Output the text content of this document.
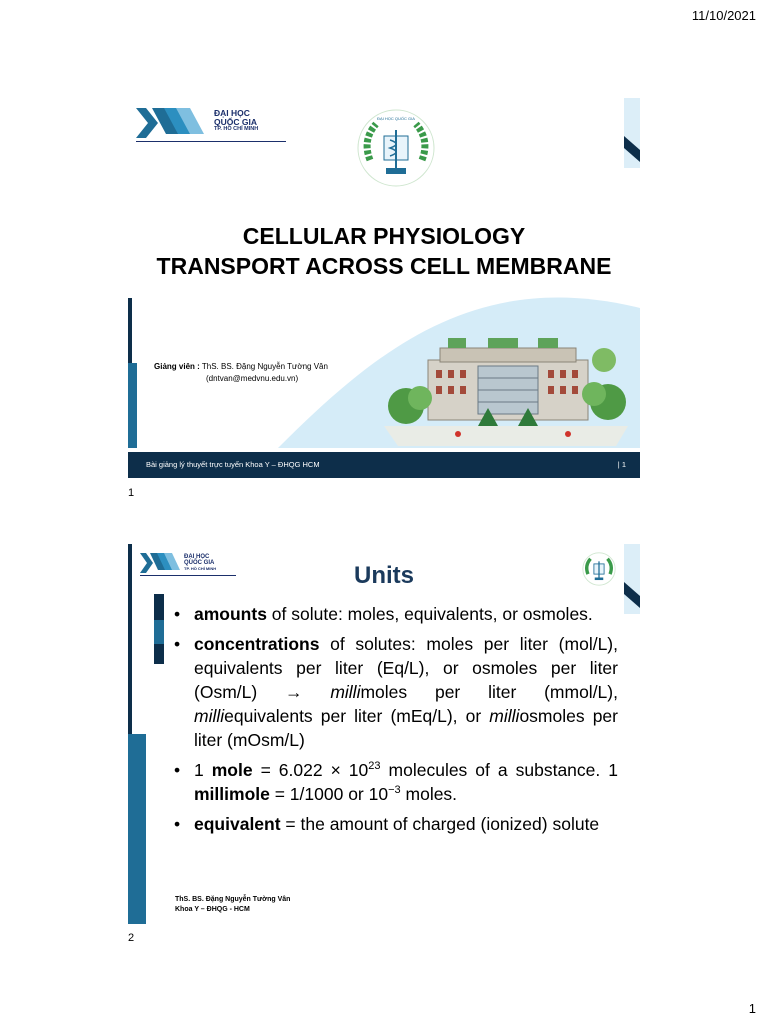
11/10/2021
1
ĐẠI HỌC
QUỐC GIA
TP. HỒ CHÍ MINH
ĐẠI HỌC QUỐC GIA
CELLULAR PHYSIOLOGY
TRANSPORT ACROSS CELL MEMBRANE
Giảng viên : ThS. BS. Đặng Nguyễn Tường Vân
(dntvan@medvnu.edu.vn)
Bài giảng lý thuyết trực tuyến Khoa Y – ĐHQG HCM	| 1
1
ĐẠI HỌC
QUỐC GIA
TP. HỒ CHÍ MINH	Units
• amounts of solute: moles, equivalents, or osmoles.
• concentrations of solutes: moles per liter (mol/L), equivalents per liter (Eq/L), or osmoles per liter (Osm/L) → millimoles per liter (mmol/L), milliequivalents per liter (mEq/L), or milliosmoles per liter (mOsm/L)
• 1 mole = $6.022 \times 10^{23}$ molecules of a substance. 1 millimole = 1/1000 or $10^{-3}$ moles.
• equivalent = the amount of charged (ionized) solute
ThS. BS. Đặng Nguyễn Tường Vân
Khoa Y – ĐHQG - HCM
2
